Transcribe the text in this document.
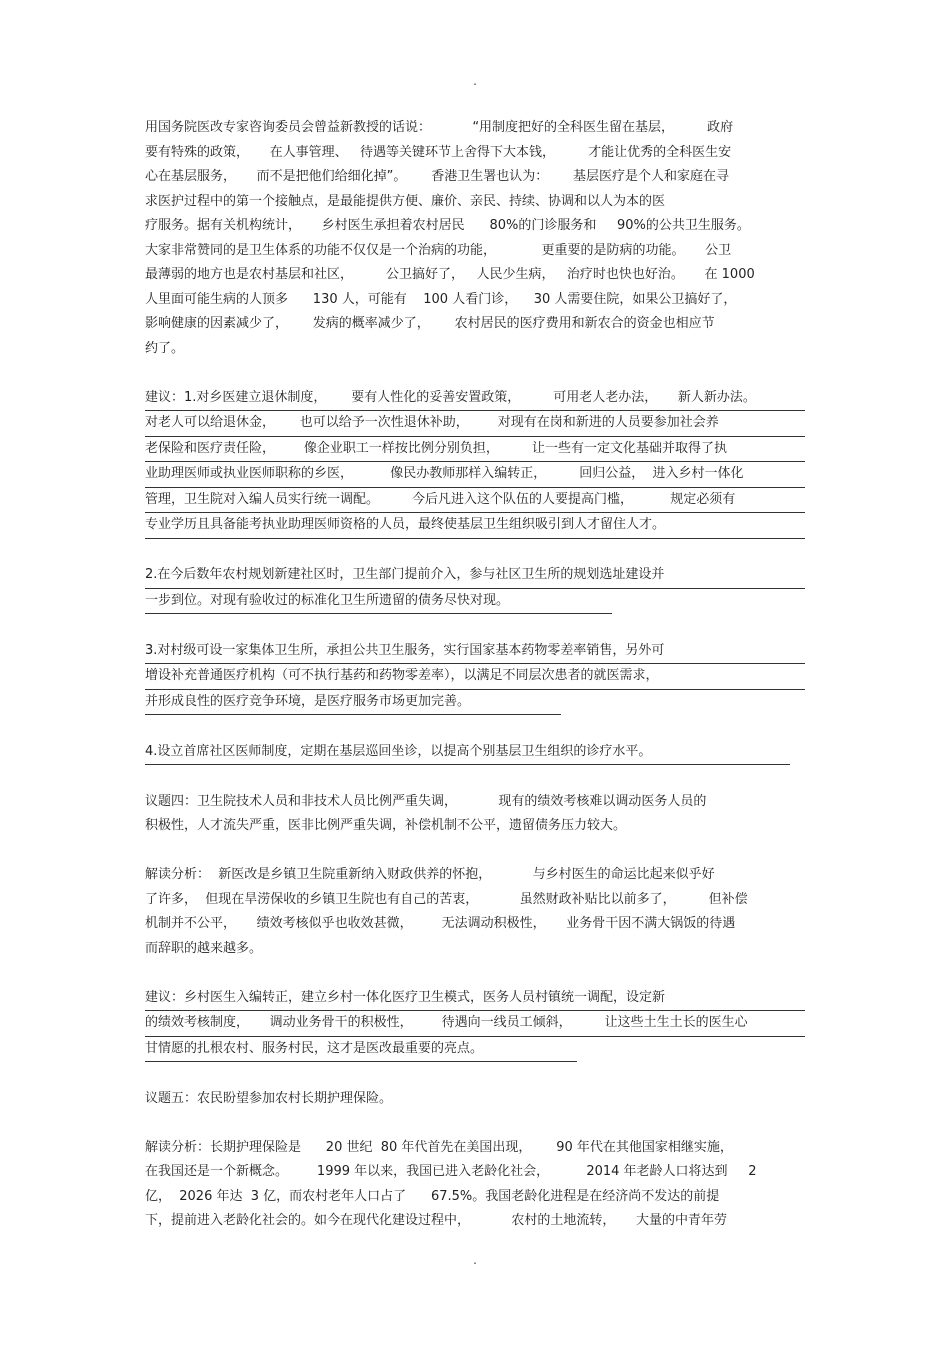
.
用国务院医改专家咨询委员会曾益新教授的话说：          “用制度把好的全科医生留在基层，        政府
要有特殊的政策，     在人事管理、   待遇等关键环节上舍得下大本钱，        才能让优秀的全科医生安
心在基层服务，     而不是把他们给细化掉”。      香港卫生署也认为：      基层医疗是个人和家庭在寻
求医护过程中的第一个接触点，是最能提供方便、廉价、亲民、持续、协调和以人为本的医
疗服务。据有关机构统计，     乡村医生承担着农村居民      80%的门诊服务和     90%的公共卫生服务。
大家非常赞同的是卫生体系的功能不仅仅是一个治病的功能，           更重要的是防病的功能。     公卫
最薄弱的地方也是农村基层和社区，        公卫搞好了，   人民少生病，   治疗时也快也好治。     在 1000
人里面可能生病的人顶多      130 人，可能有    100 人看门诊，    30 人需要住院，如果公卫搞好了，
影响健康的因素减少了，      发病的概率减少了，      农村居民的医疗费用和新农合的资金也相应节
约了。
建议：1.对乡医建立退休制度，      要有人性化的妥善安置政策，        可用老人老办法，     新人新办法。
对老人可以给退休金，      也可以给予一次性退休补助，       对现有在岗和新进的人员要参加社会养
老保险和医疗责任险，       像企业职工一样按比例分别负担，        让一些有一定文化基础并取得了执
业助理医师或执业医师职称的乡医，         像民办教师那样入编转正，        回归公益，  进入乡村一体化
管理，卫生院对入编人员实行统一调配。        今后凡进入这个队伍的人要提高门槛，         规定必须有
专业学历且具备能考执业助理医师资格的人员，最终使基层卫生组织吸引到人才留住人才。
2.在今后数年农村规划新建社区时，卫生部门提前介入，参与社区卫生所的规划选址建设并
一步到位。对现有验收过的标准化卫生所遗留的债务尽快对现。
3.对村级可设一家集体卫生所，承担公共卫生服务，实行国家基本药物零差率销售，另外可
增设补充普通医疗机构（可不执行基药和药物零差率），以满足不同层次患者的就医需求，
并形成良性的医疗竞争环境，是医疗服务市场更加完善。
4.设立首席社区医师制度，定期在基层巡回坐诊，以提高个别基层卫生组织的诊疗水平。
议题四：卫生院技术人员和非技术人员比例严重失调，          现有的绩效考核难以调动医务人员的
积极性，人才流失严重，医非比例严重失调，补偿机制不公平，遗留债务压力较大。
解读分析：  新医改是乡镇卫生院重新纳入财政供养的怀抱，          与乡村医生的命运比起来似乎好
了许多，  但现在旱涝保收的乡镇卫生院也有自己的苦衷，          虽然财政补贴比以前多了，        但补偿
机制并不公平，     绩效考核似乎也收效甚微，       无法调动积极性，     业务骨干因不满大锅饭的待遇
而辞职的越来越多。
建议：乡村医生入编转正，建立乡村一体化医疗卫生模式，医务人员村镇统一调配，设定新
的绩效考核制度，     调动业务骨干的积极性，       待遇向一线员工倾斜，        让这些土生土长的医生心
甘情愿的扎根农村、服务村民，这才是医改最重要的亮点。
议题五：农民盼望参加农村长期护理保险。
解读分析：长期护理保险是      20 世纪  80 年代首先在美国出现，      90 年代在其他国家相继实施，
在我国还是一个新概念。       1999 年以来，我国已进入老龄化社会，         2014 年老龄人口将达到     2
亿，  2026 年达  3 亿，而农村老年人口占了      67.5%。我国老龄化进程是在经济尚不发达的前提
下，提前进入老龄化社会的。如今在现代化建设过程中，          农村的土地流转，     大量的中青年劳
.
